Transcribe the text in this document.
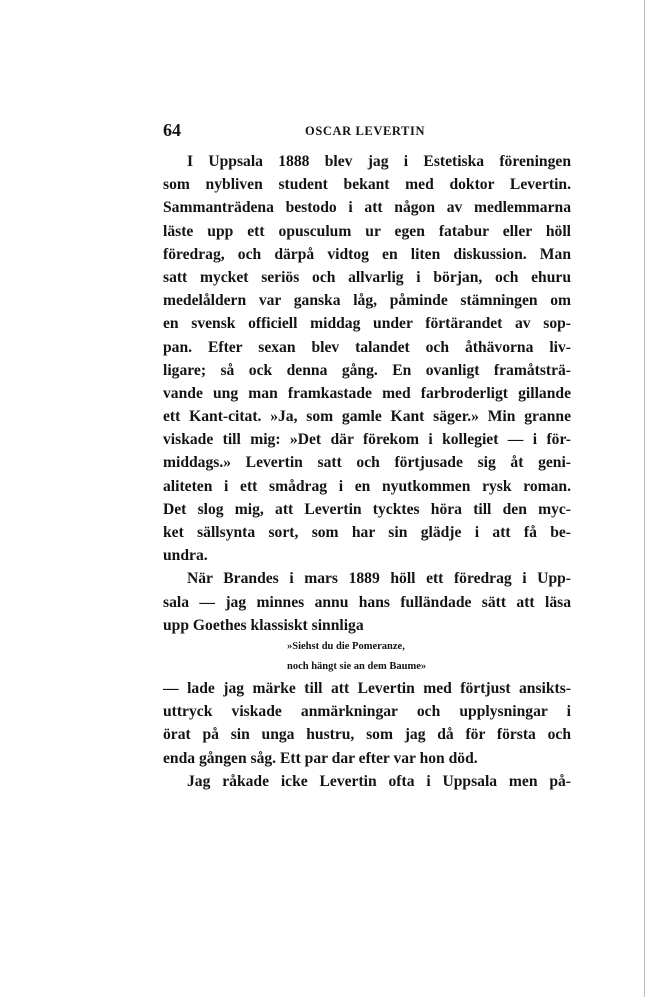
64	OSCAR LEVERTIN
I Uppsala 1888 blev jag i Estetiska föreningen
som nybliven student bekant med doktor Levertin.
Sammanträdena bestodo i att någon av medlemmarna
läste upp ett opusculum ur egen fatabur eller höll
föredrag, och därpå vidtog en liten diskussion. Man
satt mycket seriös och allvarlig i början, och ehuru
medelåldern var ganska låg, påminde stämningen om
en svensk officiell middag under förtärandet av sop-
pan. Efter sexan blev talandet och åthävorna liv-
ligare; så ock denna gång. En ovanligt framåtsträ-
vande ung man framkastade med farbroderligt gillande
ett Kant-citat. »Ja, som gamle Kant säger.» Min granne
viskade till mig: »Det där förekom i kollegiet — i för-
middags.» Levertin satt och förtjusade sig åt geni-
aliteten i ett smådrag i en nyutkommen rysk roman.
Det slog mig, att Levertin tycktes höra till den myc-
ket sällsynta sort, som har sin glädje i att få be-
undra.
När Brandes i mars 1889 höll ett föredrag i Upp-
sala — jag minnes annu hans fulländade sätt att läsa
upp Goethes klassiskt sinnliga
»Siehst du die Pomeranze,
noch hängt sie an dem Baume»
— lade jag märke till att Levertin med förtjust ansikts-
uttryck viskade anmärkningar och upplysningar i
örat på sin unga hustru, som jag då för första och
enda gången såg. Ett par dar efter var hon död.
Jag råkade icke Levertin ofta i Uppsala men på-
